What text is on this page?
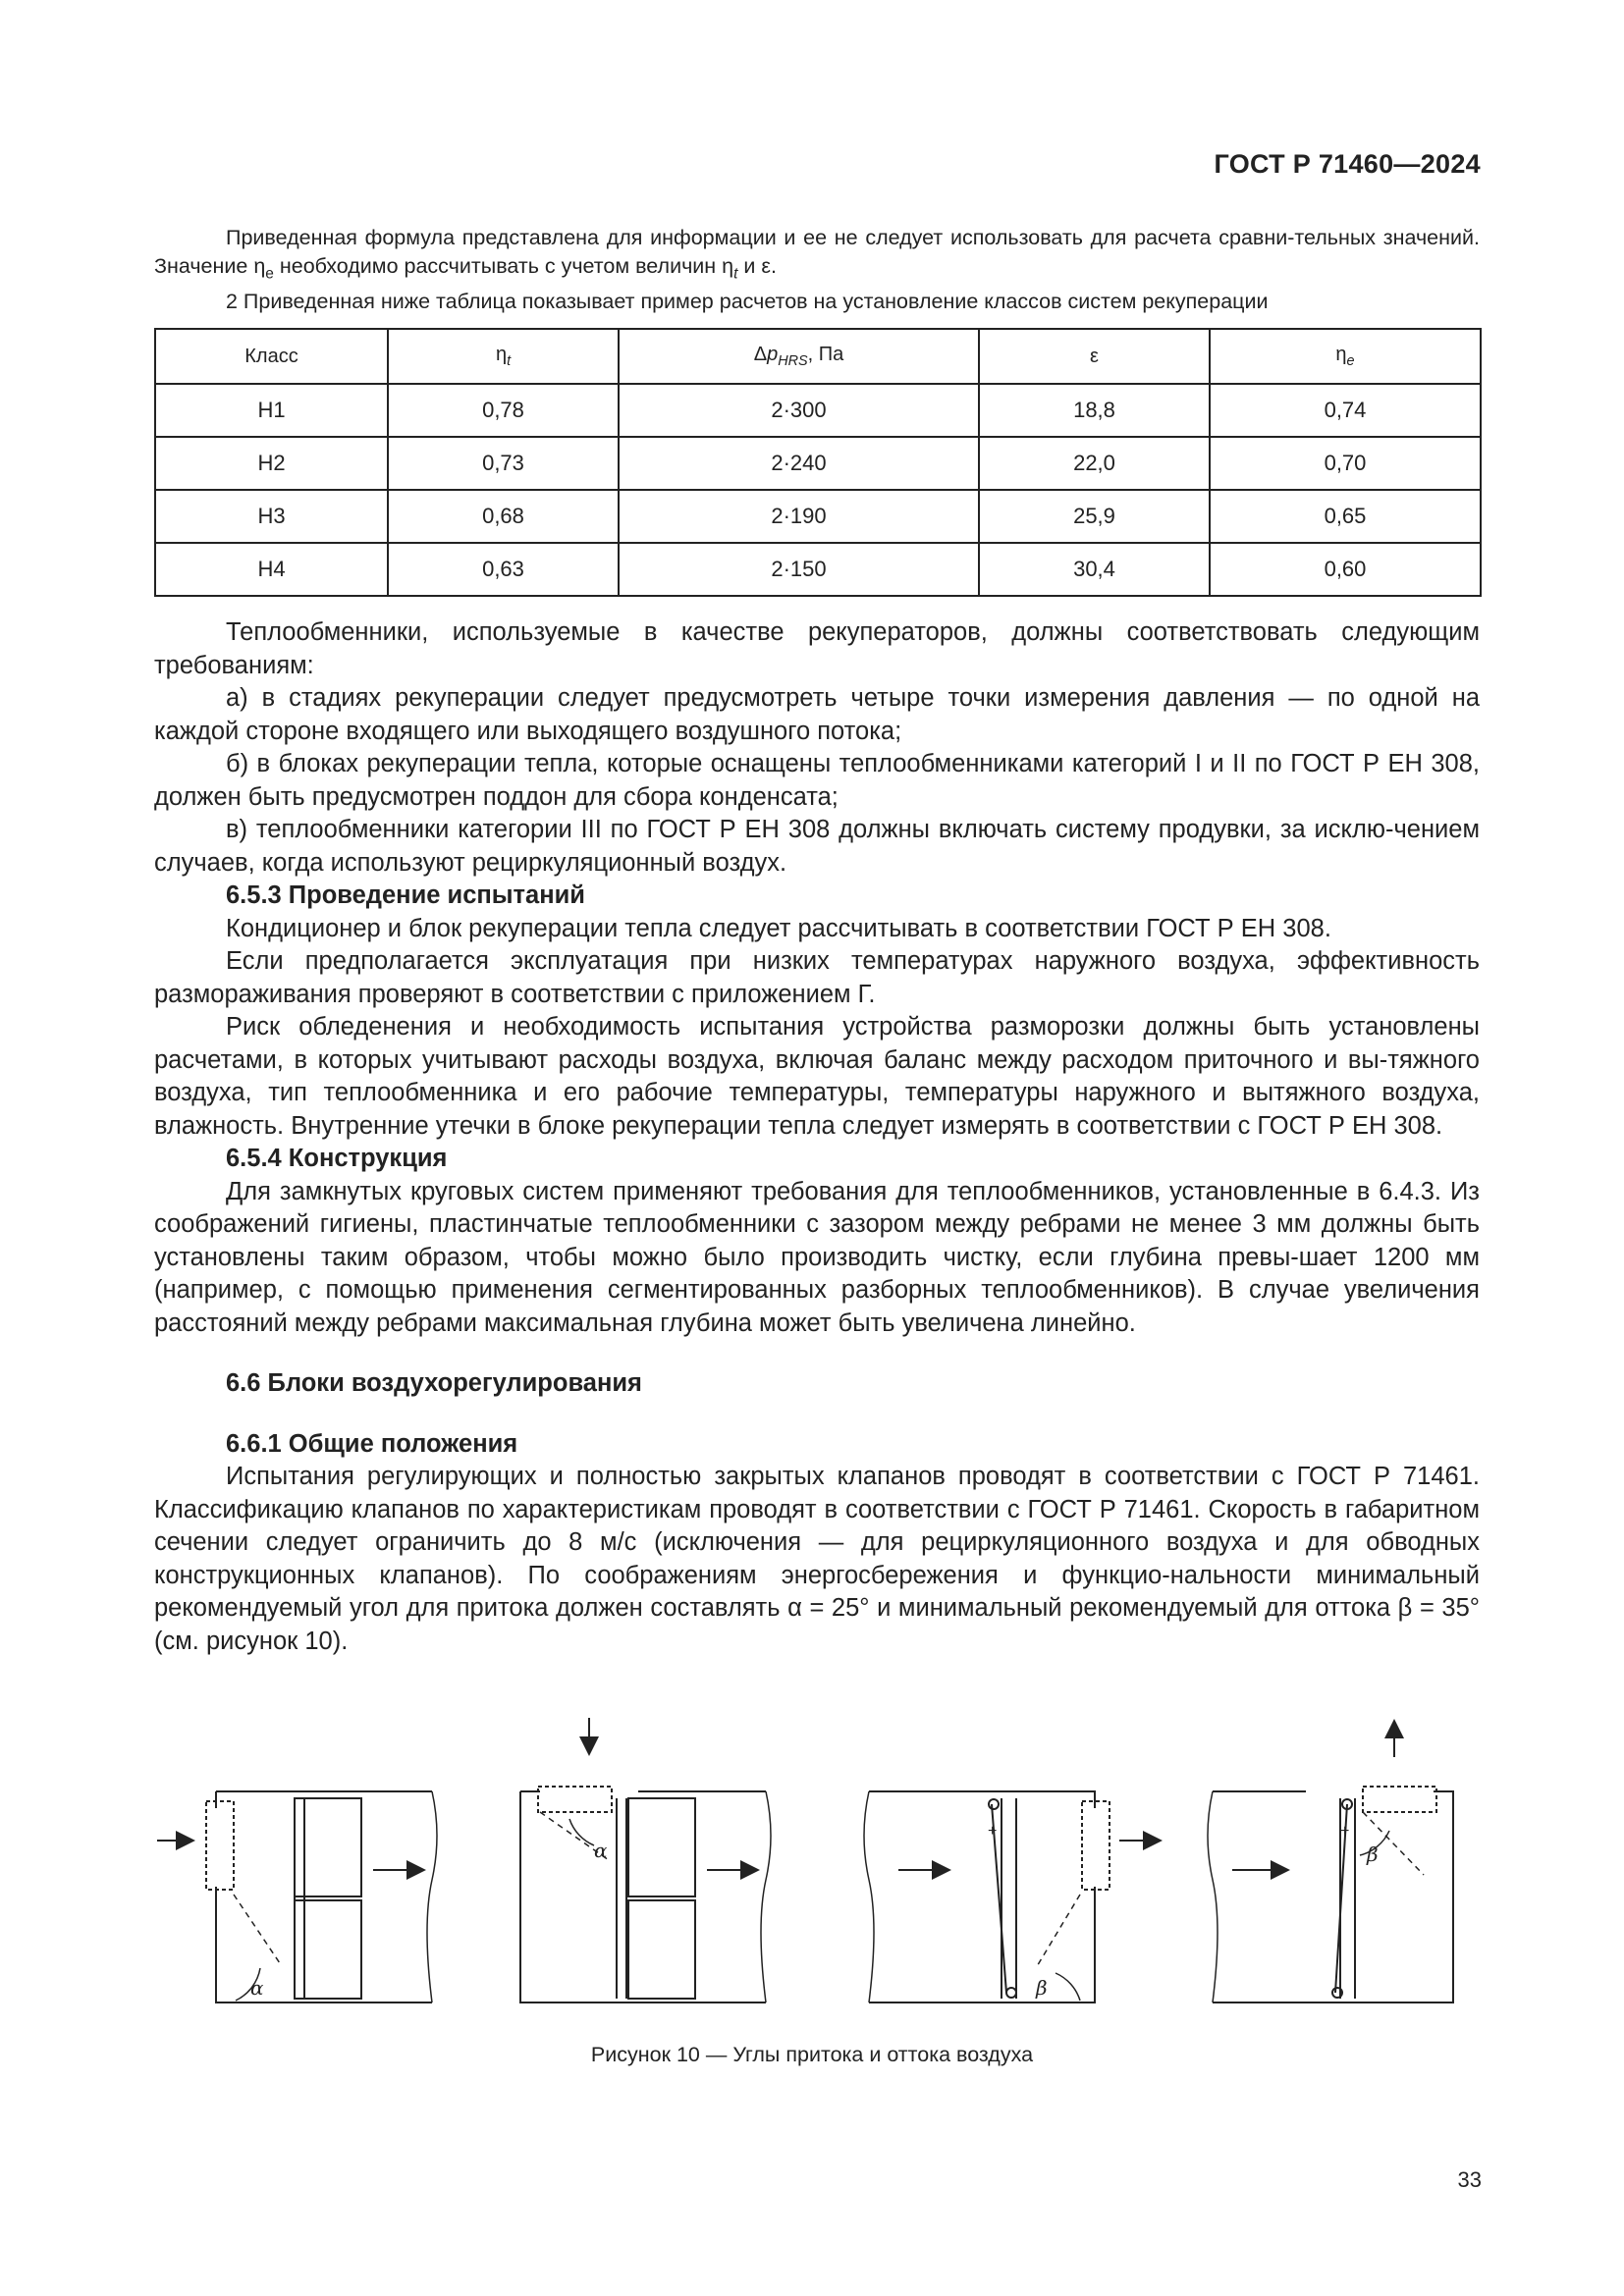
ГОСТ Р 71460—2024

Приведенная формула представлена для информации и ее не следует использовать для расчета сравни-тельных значений. Значение $\eta_e$ необходимо рассчитывать с учетом величин $\eta_t$ и ε.

2 Приведенная ниже таблица показывает пример расчетов на установление классов систем рекуперации

Класс	$\eta_t$	$\Delta p_{HRS}$, Па	ε	$\eta_e$
H1	0,78	2·300	18,8	0,74
H2	0,73	2·240	22,0	0,70
H3	0,68	2·190	25,9	0,65
H4	0,63	2·150	30,4	0,60

Теплообменники, используемые в качестве рекуператоров, должны соответствовать следующим требованиям:

а) в стадиях рекуперации следует предусмотреть четыре точки измерения давления — по одной на каждой стороне входящего или выходящего воздушного потока;

б) в блоках рекуперации тепла, которые оснащены теплообменниками категорий I и II по ГОСТ Р ЕН 308, должен быть предусмотрен поддон для сбора конденсата;

в) теплообменники категории III по ГОСТ Р ЕН 308 должны включать систему продувки, за исклю-чением случаев, когда используют рециркуляционный воздух.

6.5.3 Проведение испытаний

Кондиционер и блок рекуперации тепла следует рассчитывать в соответствии ГОСТ Р ЕН 308.

Если предполагается эксплуатация при низких температурах наружного воздуха, эффективность размораживания проверяют в соответствии с приложением Г.

Риск обледенения и необходимость испытания устройства разморозки должны быть установлены расчетами, в которых учитывают расходы воздуха, включая баланс между расходом приточного и вы-тяжного воздуха, тип теплообменника и его рабочие температуры, температуры наружного и вытяжного воздуха, влажность. Внутренние утечки в блоке рекуперации тепла следует измерять в соответствии с ГОСТ Р ЕН 308.

6.5.4 Конструкция

Для замкнутых круговых систем применяют требования для теплообменников, установленные в 6.4.3. Из соображений гигиены, пластинчатые теплообменники с зазором между ребрами не менее 3 мм должны быть установлены таким образом, чтобы можно было производить чистку, если глубина превы-шает 1200 мм (например, с помощью применения сегментированных разборных теплообменников). В случае увеличения расстояний между ребрами максимальная глубина может быть увеличена линейно.

6.6 Блоки воздухорегулирования
6.6.1 Общие положения

Испытания регулирующих и полностью закрытых клапанов проводят в соответствии с ГОСТ Р 71461. Классификацию клапанов по характеристикам проводят в соответствии с ГОСТ Р 71461. Скорость в габаритном сечении следует ограничить до 8 м/с (исключения — для рециркуляционного воздуха и для обводных конструкционных клапанов). По соображениям энергосбережения и функцио-нальности минимальный рекомендуемый угол для притока должен составлять α = 25° и минимальный рекомендуемый для оттока β = 35° (см. рисунок 10).

α
α
β
+
β
+
Рисунок 10 — Углы притока и оттока воздуха
33
